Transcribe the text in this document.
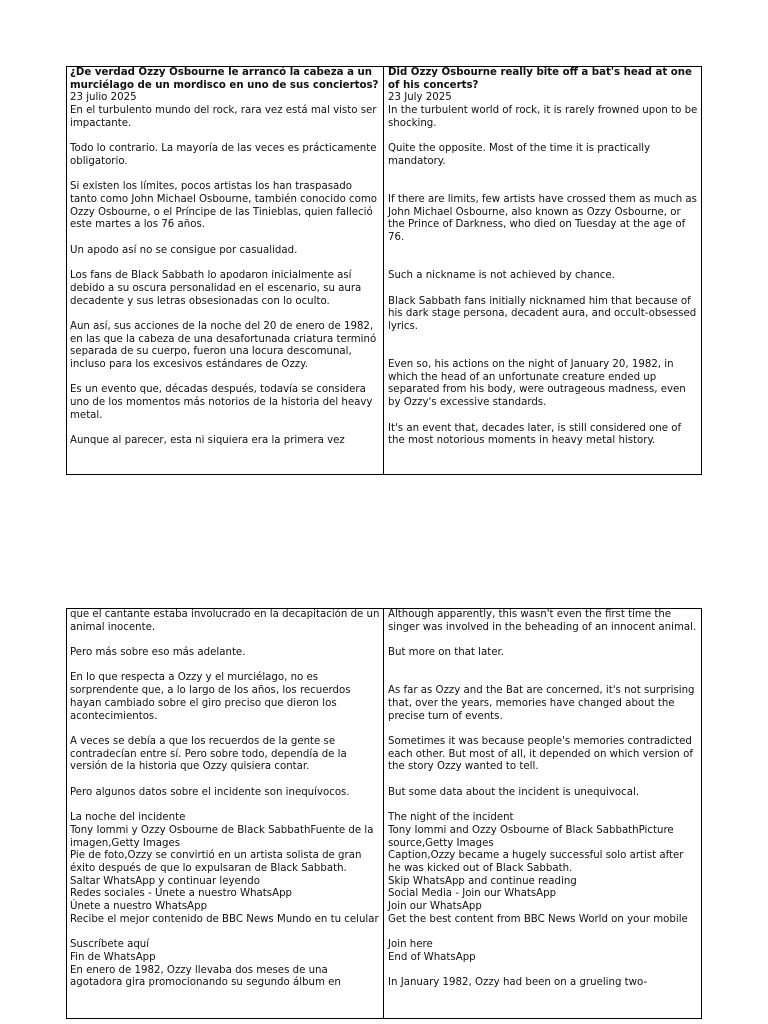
¿De verdad Ozzy Osbourne le arrancó la cabeza a un murciélago de un mordisco en uno de sus conciertos?
23 julio 2025
En el turbulento mundo del rock, rara vez está mal visto ser impactante.
Todo lo contrario. La mayoría de las veces es prácticamente obligatorio.
Si existen los límites, pocos artistas los han traspasado tanto como John Michael Osbourne, también conocido como Ozzy Osbourne, o el Príncipe de las Tinieblas, quien falleció este martes a los 76 años.
Un apodo así no se consigue por casualidad.
Los fans de Black Sabbath lo apodaron inicialmente así debido a su oscura personalidad en el escenario, su aura decadente y sus letras obsesionadas con lo oculto.
Aun así, sus acciones de la noche del 20 de enero de 1982, en las que la cabeza de una desafortunada criatura terminó separada de su cuerpo, fueron una locura descomunal, incluso para los excesivos estándares de Ozzy.
Es un evento que, décadas después, todavía se considera uno de los momentos más notorios de la historia del heavy metal.
Aunque al parecer, esta ni siquiera era la primera vez
Did Ozzy Osbourne really bite off a bat's head at one of his concerts?
23 July 2025
In the turbulent world of rock, it is rarely frowned upon to be shocking.
Quite the opposite. Most of the time it is practically mandatory.
If there are limits, few artists have crossed them as much as John Michael Osbourne, also known as Ozzy Osbourne, or the Prince of Darkness, who died on Tuesday at the age of 76.
Such a nickname is not achieved by chance.
Black Sabbath fans initially nicknamed him that because of his dark stage persona, decadent aura, and occult-obsessed lyrics.
Even so, his actions on the night of January 20, 1982, in which the head of an unfortunate creature ended up separated from his body, were outrageous madness, even by Ozzy's excessive standards.
It's an event that, decades later, is still considered one of the most notorious moments in heavy metal history.
que el cantante estaba involucrado en la decapitación de un animal inocente.
Pero más sobre eso más adelante.
En lo que respecta a Ozzy y el murciélago, no es sorprendente que, a lo largo de los años, los recuerdos hayan cambiado sobre el giro preciso que dieron los acontecimientos.
A veces se debía a que los recuerdos de la gente se contradecían entre sí. Pero sobre todo, dependía de la versión de la historia que Ozzy quisiera contar.
Pero algunos datos sobre el incidente son inequívocos.
La noche del incidente
Tony Iommi y Ozzy Osbourne de Black SabbathFuente de la imagen,Getty Images
Pie de foto,Ozzy se convirtió en un artista solista de gran éxito después de que lo expulsaran de Black Sabbath.
Saltar WhatsApp y continuar leyendo
Redes sociales - Únete a nuestro WhatsApp
Únete a nuestro WhatsApp
Recibe el mejor contenido de BBC News Mundo en tu celular
Suscríbete aquí
Fin de WhatsApp
En enero de 1982, Ozzy llevaba dos meses de una agotadora gira promocionando su segundo álbum en
Although apparently, this wasn't even the first time the singer was involved in the beheading of an innocent animal.
But more on that later.
As far as Ozzy and the Bat are concerned, it's not surprising that, over the years, memories have changed about the precise turn of events.
Sometimes it was because people's memories contradicted each other. But most of all, it depended on which version of the story Ozzy wanted to tell.
But some data about the incident is unequivocal.
The night of the incident
Tony Iommi and Ozzy Osbourne of Black SabbathPicture source,Getty Images
Caption,Ozzy became a hugely successful solo artist after he was kicked out of Black Sabbath.
Skip WhatsApp and continue reading
Social Media - Join our WhatsApp
Join our WhatsApp
Get the best content from BBC News World on your mobile
Join here
End of WhatsApp
In January 1982, Ozzy had been on a grueling two-
